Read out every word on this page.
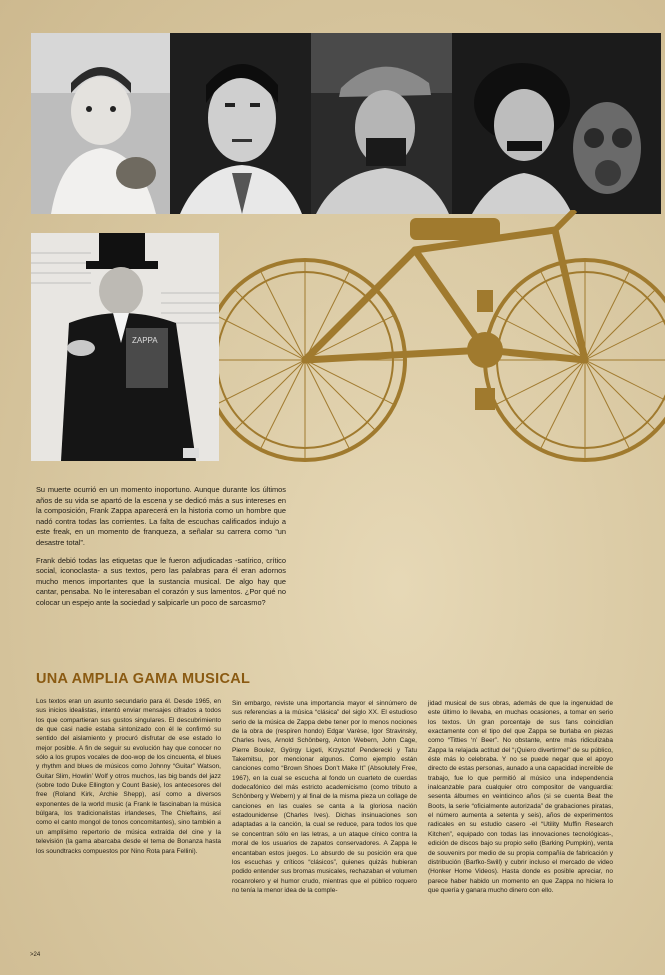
ZAPPA

Su muerte ocurrió en un momento inoportuno. Aunque durante los últimos años de su vida se apartó de la escena y se dedicó más a sus intereses en la composición, Frank Zappa aparecerá en la historia como un hombre que nadó contra todas las corrientes. La falta de escuchas calificados indujo a este freak, en un momento de franqueza, a señalar su carrera como “un desastre total”.

Frank debió todas las etiquetas que le fueron adjudicadas -satírico, crítico social, iconoclasta- a sus textos, pero las palabras para él eran adornos mucho menos importantes que la sustancia musical. De algo hay que cantar, pensaba. No le interesaban el corazón y sus lamentos. ¿Por qué no colocar un espejo ante la sociedad y salpicarle un poco de sarcasmo?

UNA AMPLIA GAMA MUSICAL

Los textos eran un asunto secundario para él. Desde 1965, en sus inicios idealistas, intentó enviar mensajes cifrados a todos los que compartieran sus gustos singulares. El descubrimiento de que casi nadie estaba sintonizado con él le confirmó su sentido del aislamiento y procuró disfrutar de ese estado lo mejor posible. A fin de seguir su evolución hay que conocer no sólo a los grupos vocales de doo-wop de los cincuenta, el blues y rhythm and blues de músicos como Johnny “Guitar” Watson, Guitar Slim, Howlin’ Wolf y otros muchos, las big bands del jazz (sobre todo Duke Ellington y Count Basie), los antecesores del free (Roland Kirk, Archie Shepp), así como a diversos exponentes de la world music (a Frank le fascinaban la música búlgara, los tradicionalistas irlandeses, The Chieftains, así como el canto mongol de tonos concomitantes), sino también a un amplísimo repertorio de música extraída del cine y la televisión (la gama abarcaba desde el tema de Bonanza hasta los soundtracks compuestos por Nino Rota para Fellini).

Sin embargo, reviste una importancia mayor el sinnúmero de sus referencias a la música “clásica” del siglo XX. El estudioso serio de la música de Zappa debe tener por lo menos nociones de la obra de (respiren hondo) Edgar Varèse, Igor Stravinsky, Charles Ives, Arnold Schönberg, Anton Webern, John Cage, Pierre Boulez, György Ligeti, Krzysztof Penderecki y Tatu Takemitsu, por mencionar algunos. Como ejemplo están canciones como “Brown Shoes Don’t Make It” (Absolutely Free, 1967), en la cual se escucha al fondo un cuarteto de cuerdas dodecafónico del más estricto academicismo (como tributo a Schönberg y Webern) y al final de la misma pieza un collage de canciones en las cuales se canta a la gloriosa nación estadounidense (Charles Ives). Dichas insinuaciones son adaptadas a la canción, la cual se reduce, para todos los que se concentran sólo en las letras, a un ataque cínico contra la moral de los usuarios de zapatos conservadores. A Zappa le encantaban estos juegos. Lo absurdo de su posición era que los escuchas y críticos “clásicos”, quienes quizás hubieran podido entender sus bromas musicales, rechazaban el volumen rocanrolero y el humor crudo, mientras que el público roquero no tenía la menor idea de la comple-

jidad musical de sus obras, además de que la ingenuidad de este último lo llevaba, en muchas ocasiones, a tomar en serio los textos. Un gran porcentaje de sus fans coincidían exactamente con el tipo del que Zappa se burlaba en piezas como “Titties ‘n’ Beer”. No obstante, entre más ridiculizaba Zappa la relajada actitud del “¡Quiero divertirme!” de su público, éste más lo celebraba. Y no se puede negar que el apoyo directo de estas personas, aunado a una capacidad increíble de trabajo, fue lo que permitió al músico una independencia inalcanzable para cualquier otro compositor de vanguardia: sesenta álbumes en veinticinco años (si se cuenta Beat the Boots, la serie “oficialmente autorizada” de grabaciones piratas, el número aumenta a setenta y seis), años de experimentos radicales en su estudio casero -el “Utility Muffin Research Kitchen”, equipado con todas las innovaciones tecnológicas-, edición de discos bajo su propio sello (Barking Pumpkin), venta de souvenirs por medio de su propia compañía de fabricación y distribución (Barfko-Swill) y cubrir incluso el mercado de video (Honker Home Videos). Hasta donde es posible apreciar, no parece haber habido un momento en que Zappa no hiciera lo que quería y ganara mucho dinero con ello.

>24
